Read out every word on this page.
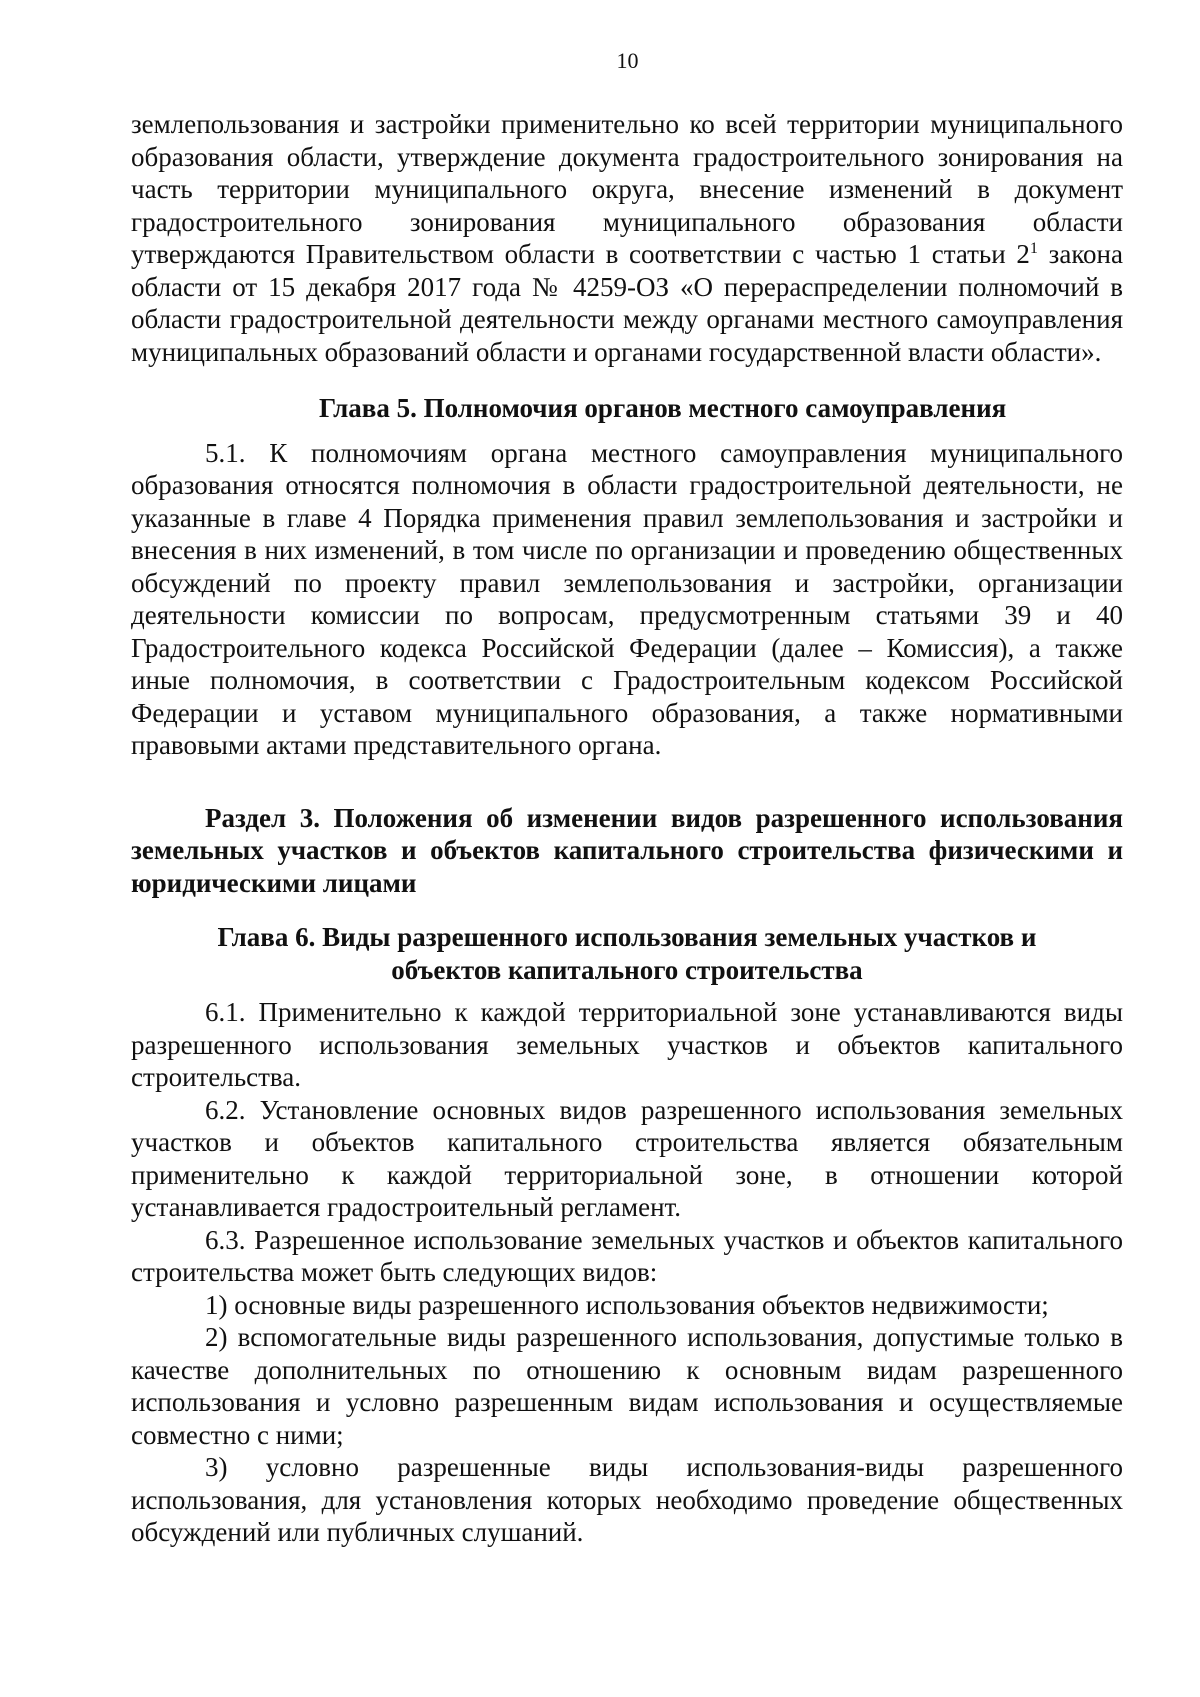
10

землепользования и застройки применительно ко всей территории муниципального образования области, утверждение документа градостроительного зонирования на часть территории муниципального округа, внесение изменений в документ градостроительного зонирования муниципального образования области утверждаются Правительством области в соответствии с частью 1 статьи $2^1$ закона области от 15 декабря 2017 года № 4259-ОЗ «О перераспределении полномочий в области градостроительной деятельности между органами местного самоуправления муниципальных образований области и органами государственной власти области».

Глава 5. Полномочия органов местного самоуправления

5.1. К полномочиям органа местного самоуправления муниципального образования относятся полномочия в области градостроительной деятельности, не указанные в главе 4 Порядка применения правил землепользования и застройки и внесения в них изменений, в том числе по организации и проведению общественных обсуждений по проекту правил землепользования и застройки, организации деятельности комиссии по вопросам, предусмотренным статьями 39 и 40 Градостроительного кодекса Российской Федерации (далее – Комиссия), а также иные полномочия, в соответствии с Градостроительным кодексом Российской Федерации и уставом муниципального образования, а также нормативными правовыми актами представительного органа.

Раздел 3. Положения об изменении видов разрешенного использования земельных участков и объектов капитального строительства физическими и юридическими лицами

Глава 6. Виды разрешенного использования земельных участков и
объектов капитального строительства

6.1. Применительно к каждой территориальной зоне устанавливаются виды разрешенного использования земельных участков и объектов капитального строительства.

6.2. Установление основных видов разрешенного использования земельных участков и объектов капитального строительства является обязательным применительно к каждой территориальной зоне, в отношении которой устанавливается градостроительный регламент.

6.3. Разрешенное использование земельных участков и объектов капитального строительства может быть следующих видов:

1) основные виды разрешенного использования объектов недвижимости;

2) вспомогательные виды разрешенного использования, допустимые только в качестве дополнительных по отношению к основным видам разрешенного использования и условно разрешенным видам использования и осуществляемые совместно с ними;

3) условно разрешенные виды использования-виды разрешенного использования, для установления которых необходимо проведение общественных обсуждений или публичных слушаний.
